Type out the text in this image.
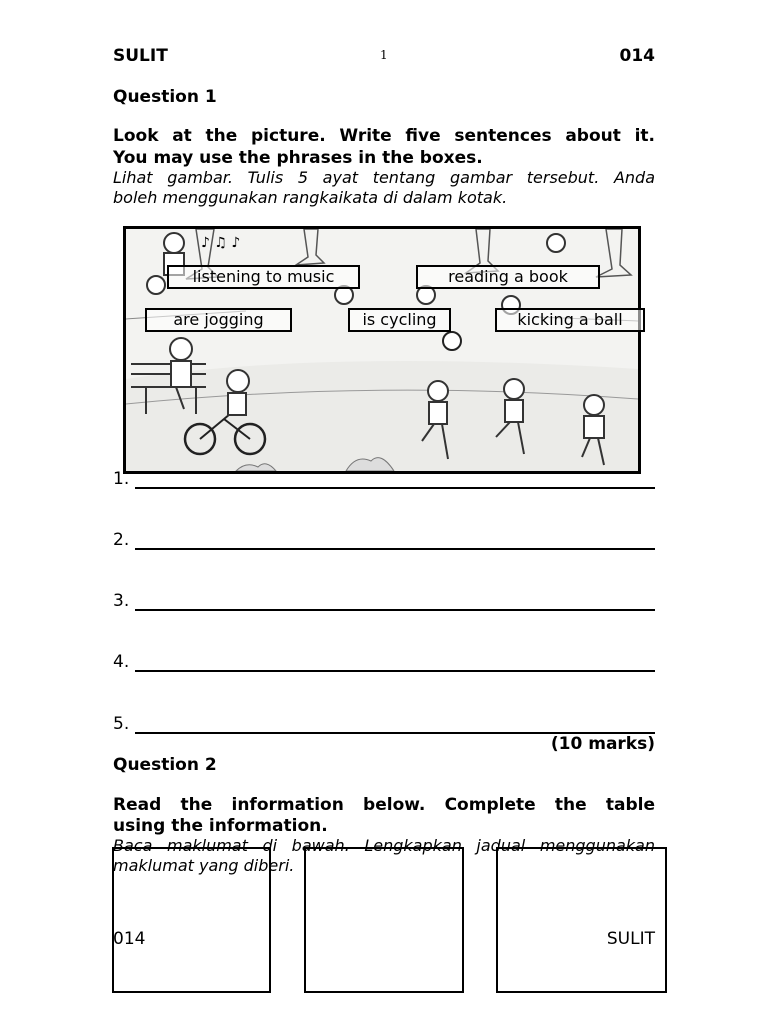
SULIT	1	014
Question 1
Look at the picture. Write five sentences about it.
You may use the phrases in the boxes.
Lihat gambar. Tulis 5 ayat tentang gambar tersebut. Anda
boleh menggunakan rangkaikata di dalam kotak.
♪ ♫ ♪
listening to music	reading a book
are jogging	is cycling	kicking a ball
1.
2.
3.
4.
5.
(10 marks)
Question 2
Read the information below. Complete the table
using the information.
Baca maklumat di bawah. Lengkapkan jadual menggunakan
maklumat yang diberi.
014	SULIT
